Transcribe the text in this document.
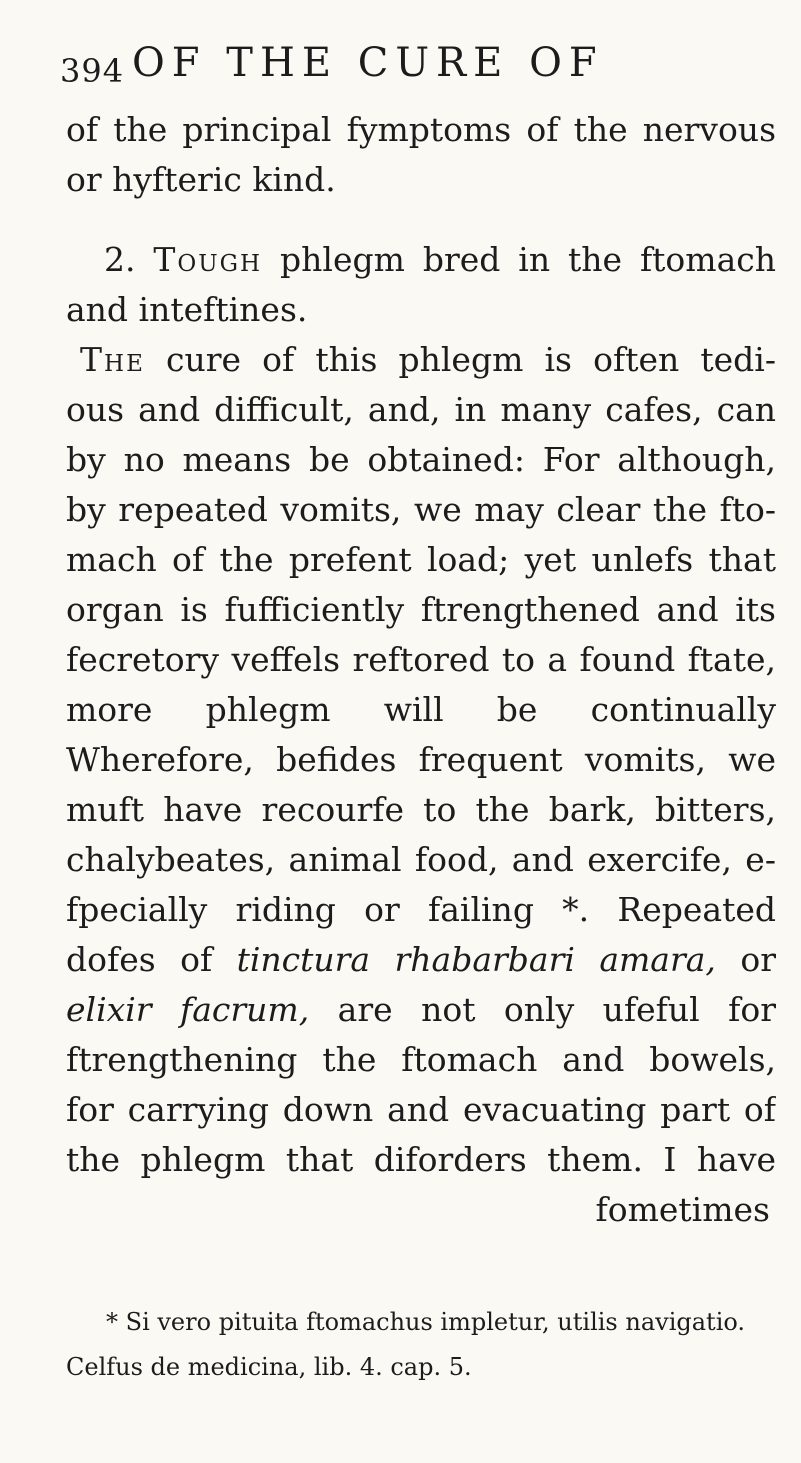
394 OF THE CURE OF
of the principal fymptoms of the nervous
or hyfteric kind.
2. Tough phlegm bred in the ftomach
and inteftines.
The cure of this phlegm is often tedi-
ous and difficult, and, in many cafes, can
by no means be obtained: For although,
by repeated vomits, we may clear the fto-
mach of the prefent load; yet unlefs that
organ is fufficiently ftrengthened and its
fecretory veffels reftored to a found ftate,
more phlegm will be continually
Wherefore, befides frequent vomits, we
muft have recourfe to the bark, bitters,
chalybeates, animal food, and exercife, e-
fpecially riding or failing *. Repeated
dofes of tinctura rhabarbari amara, or
elixir facrum, are not only ufeful for
ftrengthening the ftomach and bowels,
for carrying down and evacuating part of
the phlegm that diforders them. I have
fometimes
* Si vero pituita ftomachus impletur, utilis navigatio.
Celfus de medicina, lib. 4. cap. 5.
